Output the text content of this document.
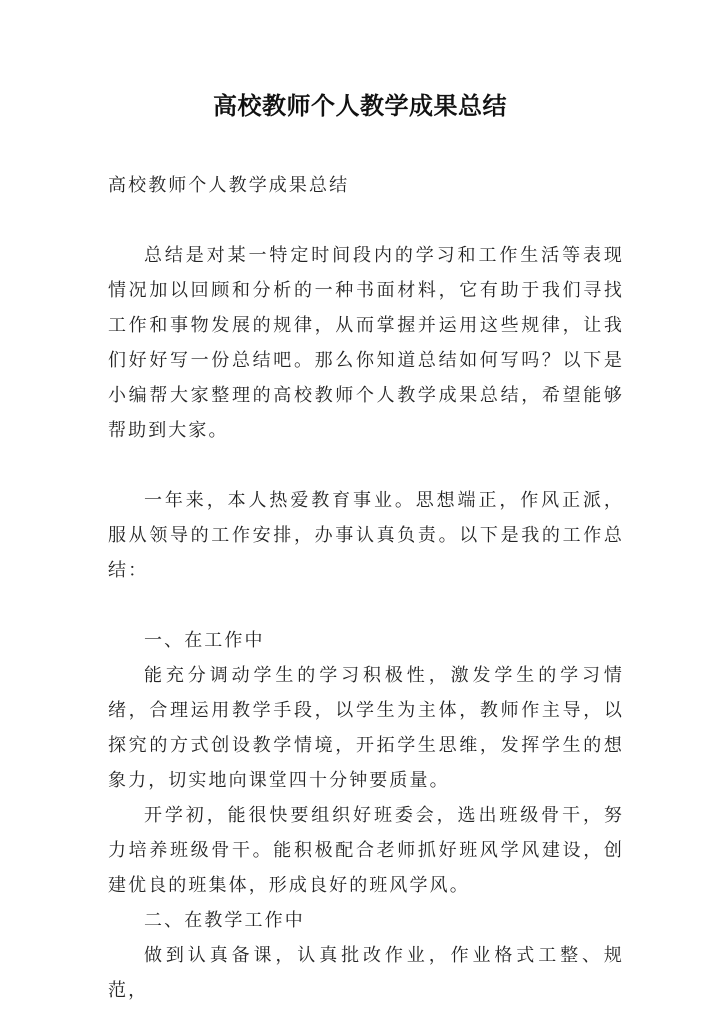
高校教师个人教学成果总结

高校教师个人教学成果总结

总结是对某一特定时间段内的学习和工作生活等表现情况加以回顾和分析的一种书面材料，它有助于我们寻找工作和事物发展的规律，从而掌握并运用这些规律，让我们好好写一份总结吧。那么你知道总结如何写吗？以下是小编帮大家整理的高校教师个人教学成果总结，希望能够帮助到大家。

一年来，本人热爱教育事业。思想端正，作风正派，服从领导的工作安排，办事认真负责。以下是我的工作总结：

一、在工作中

能充分调动学生的学习积极性，激发学生的学习情绪，合理运用教学手段，以学生为主体，教师作主导，以探究的方式创设教学情境，开拓学生思维，发挥学生的想象力，切实地向课堂四十分钟要质量。

开学初，能很快要组织好班委会，选出班级骨干，努力培养班级骨干。能积极配合老师抓好班风学风建设，创建优良的班集体，形成良好的班风学风。

二、在教学工作中

做到认真备课，认真批改作业，作业格式工整、规范，
